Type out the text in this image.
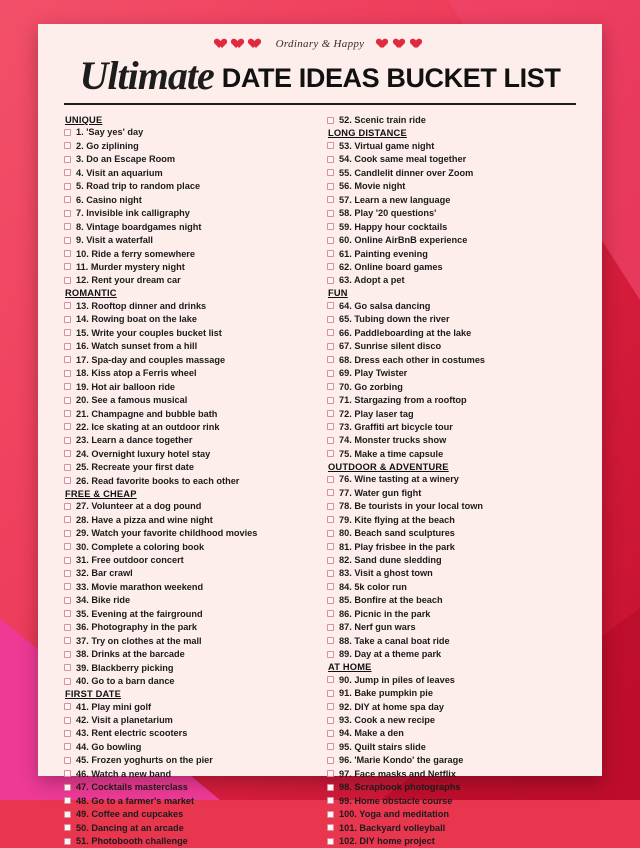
Ordinary & Happy
Ultimate DATE IDEAS BUCKET LIST
UNIQUE
1. 'Say yes' day
2. Go ziplining
3. Do an Escape Room
4. Visit an aquarium
5. Road trip to random place
6. Casino night
7. Invisible ink calligraphy
8. Vintage boardgames night
9. Visit a waterfall
10. Ride a ferry somewhere
11. Murder mystery night
12. Rent your dream car
ROMANTIC
13. Rooftop dinner and drinks
14. Rowing boat on the lake
15. Write your couples bucket list
16. Watch sunset from a hill
17. Spa-day and couples massage
18. Kiss atop a Ferris wheel
19. Hot air balloon ride
20. See a famous musical
21. Champagne and bubble bath
22. Ice skating at an outdoor rink
23. Learn a dance together
24. Overnight luxury hotel stay
25. Recreate your first date
26. Read favorite books to each other
FREE & CHEAP
27. Volunteer at a dog pound
28. Have a pizza and wine night
29. Watch your favorite childhood movies
30. Complete a coloring book
31. Free outdoor concert
32. Bar crawl
33. Movie marathon weekend
34. Bike ride
35. Evening at the fairground
36. Photography in the park
37. Try on clothes at the mall
38. Drinks at the barcade
39. Blackberry picking
40. Go to a barn dance
FIRST DATE
41. Play mini golf
42. Visit a planetarium
43. Rent electric scooters
44. Go bowling
45. Frozen yoghurts on the pier
46. Watch a new band
47. Cocktails masterclass
48. Go to a farmer's market
49. Coffee and cupcakes
50. Dancing at an arcade
51. Photobooth challenge
52. Scenic train ride
LONG DISTANCE
53. Virtual game night
54. Cook same meal together
55. Candlelit dinner over Zoom
56. Movie night
57. Learn a new language
58. Play '20 questions'
59. Happy hour cocktails
60. Online AirBnB experience
61. Painting evening
62. Online board games
63. Adopt a pet
FUN
64. Go salsa dancing
65. Tubing down the river
66. Paddleboarding at the lake
67. Sunrise silent disco
68. Dress each other in costumes
69. Play Twister
70. Go zorbing
71. Stargazing from a rooftop
72. Play laser tag
73. Graffiti art bicycle tour
74. Monster trucks show
75. Make a time capsule
OUTDOOR & ADVENTURE
76. Wine tasting at a winery
77. Water gun fight
78. Be tourists in your local town
79. Kite flying at the beach
80. Beach sand sculptures
81. Play frisbee in the park
82. Sand dune sledding
83. Visit a ghost town
84. 5k color run
85. Bonfire at the beach
86. Picnic in the park
87. Nerf gun wars
88. Take a canal boat ride
89. Day at a theme park
AT HOME
90. Jump in piles of leaves
91. Bake pumpkin pie
92. DIY at home spa day
93. Cook a new recipe
94. Make a den
95. Quilt stairs slide
96. 'Marie Kondo' the garage
97. Face masks and Netflix
98. Scrapbook photographs
99. Home obstacle course
100. Yoga and meditation
101. Backyard volleyball
102. DIY home project
